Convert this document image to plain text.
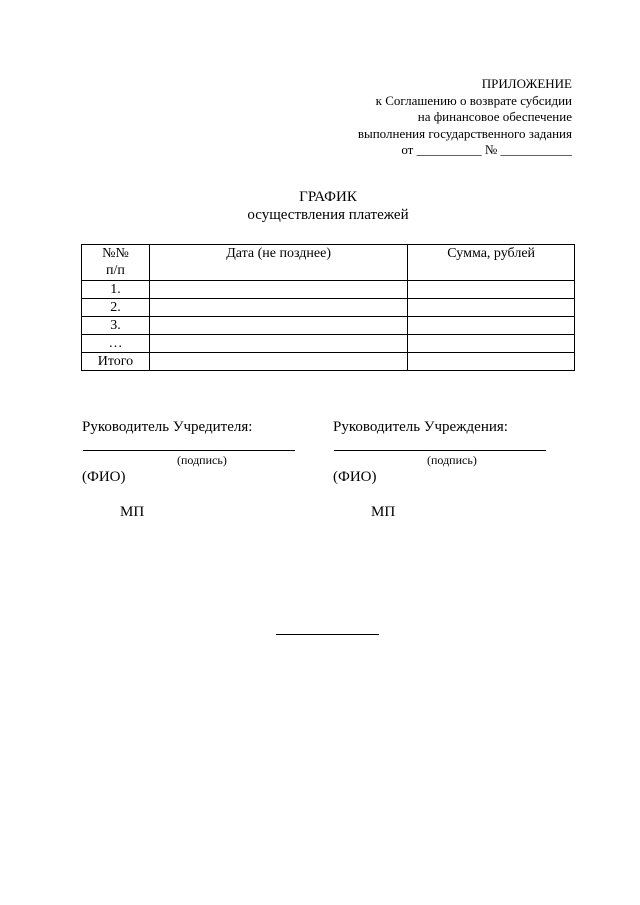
ПРИЛОЖЕНИЕ
к Соглашению о возврате субсидии
на финансовое обеспечение
выполнения государственного задания
от __________ № ___________
ГРАФИК
осуществления платежей
№№
п/п	Дата (не позднее)	Сумма, рублей
1.		
2.		
3.		
…		
Итого		
Руководитель Учредителя:	Руководитель Учреждения:
(подпись)	(подпись)
(ФИО)	(ФИО)
МП	МП
